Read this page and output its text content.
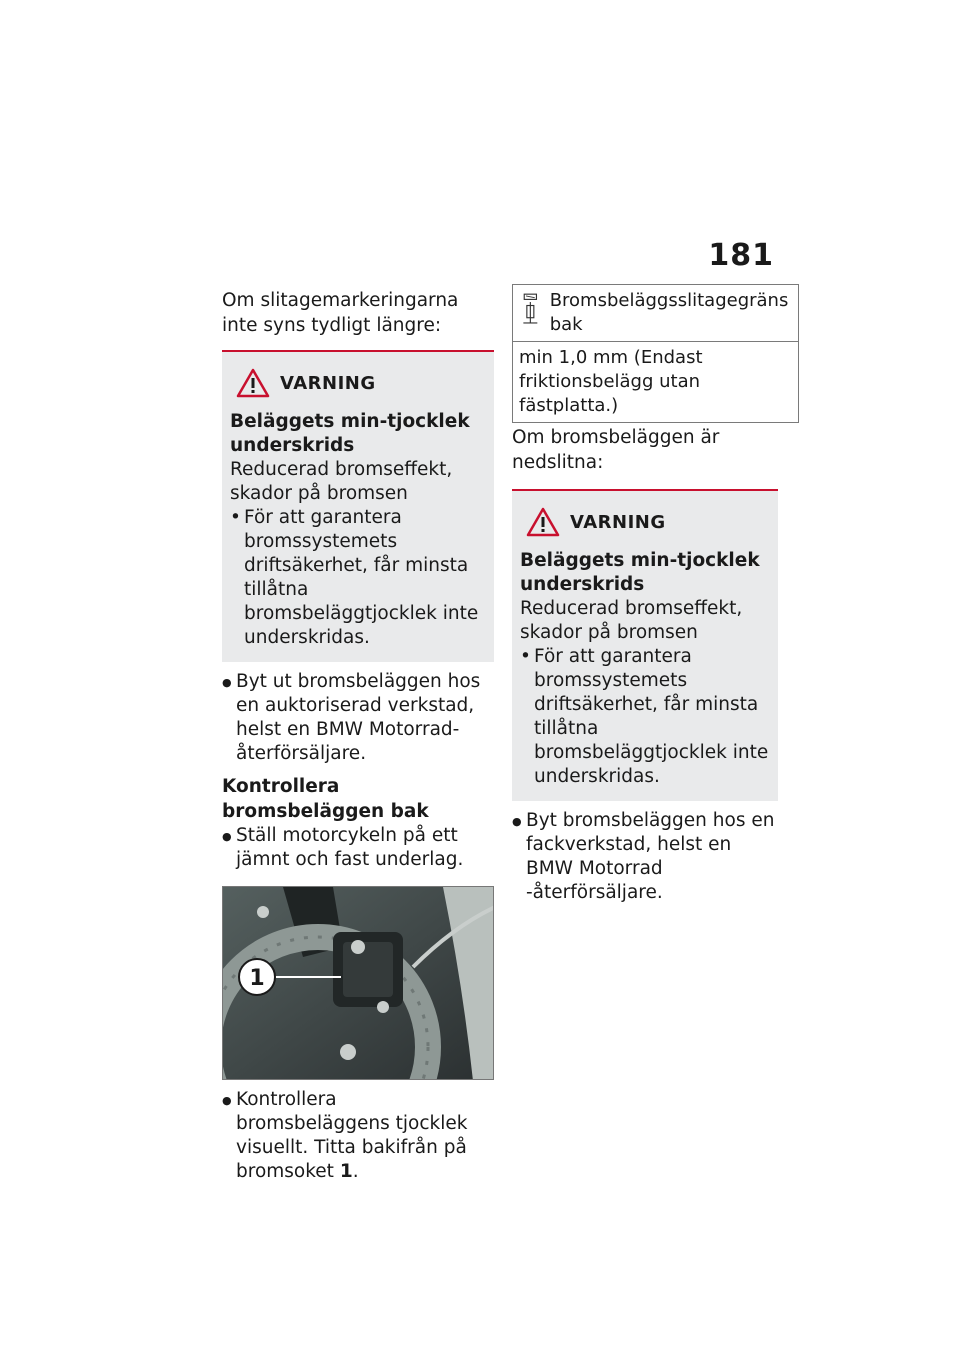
181

Om slitagemarkeringarna inte syns tydligt längre:

VARNING
Beläggets min-tjocklek underskrids
Reducerad bromseffekt, skador på bromsen
• För att garantera bromssystemets driftsäkerhet, får minsta tillåtna bromsbeläggtjocklek inte underskridas.
● Byt ut bromsbeläggen hos en auktoriserad verkstad, helst en BMW Motorrad-återförsäljare.
Kontrollera bromsbeläggen bak
● Ställ motorcykeln på ett jämnt och fast underlag.
1
● Kontrollera bromsbeläggens tjocklek visuellt. Titta bakifrån på bromsoket 1.
Bromsbeläggsslitagegräns bak

min 1,0 mm (Endast friktionsbelägg utan fästplatta.)

Om bromsbeläggen är nedslitna:

VARNING
Beläggets min-tjocklek underskrids
Reducerad bromseffekt, skador på bromsen
• För att garantera bromssystemets driftsäkerhet, får minsta tillåtna bromsbeläggtjocklek inte underskridas.
● Byt bromsbeläggen hos en fackverkstad, helst en BMW Motorrad -återförsäljare.
